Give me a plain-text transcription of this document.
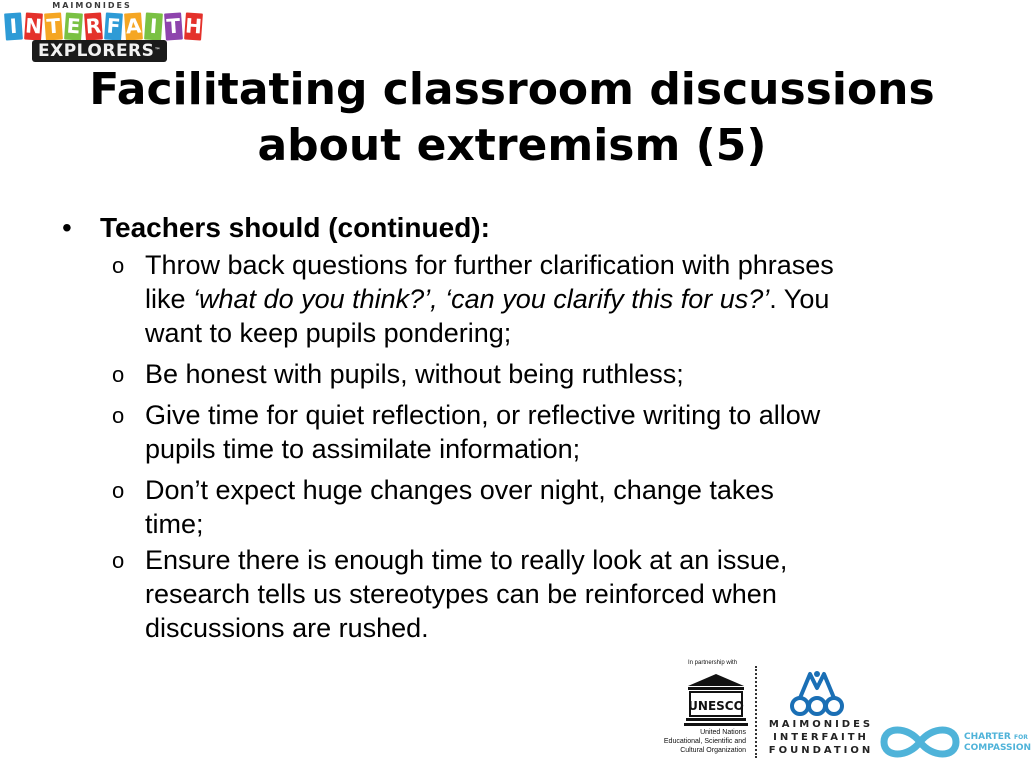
MAIMONIDES
I N T E R F A I T H
EXPLORERS™
Facilitating classroom discussions
about extremism (5)
• Teachers should (continued):
o Throw back questions for further clarification with phrases
like ‘what do you think?’, ‘can you clarify this for us?’. You
want to keep pupils pondering;
o Be honest with pupils, without being ruthless;
o Give time for quiet reflection, or reflective writing to allow
pupils time to assimilate information;
o Don’t expect huge changes over night, change takes
time;
o Ensure there is enough time to really look at an issue,
research tells us stereotypes can be reinforced when
discussions are rushed.
In partnership with
UNESCO
United Nations
Educational, Scientific and
Cultural Organization
MAIMONIDES
INTERFAITH
FOUNDATION
CHARTER FOR
COMPASSION
